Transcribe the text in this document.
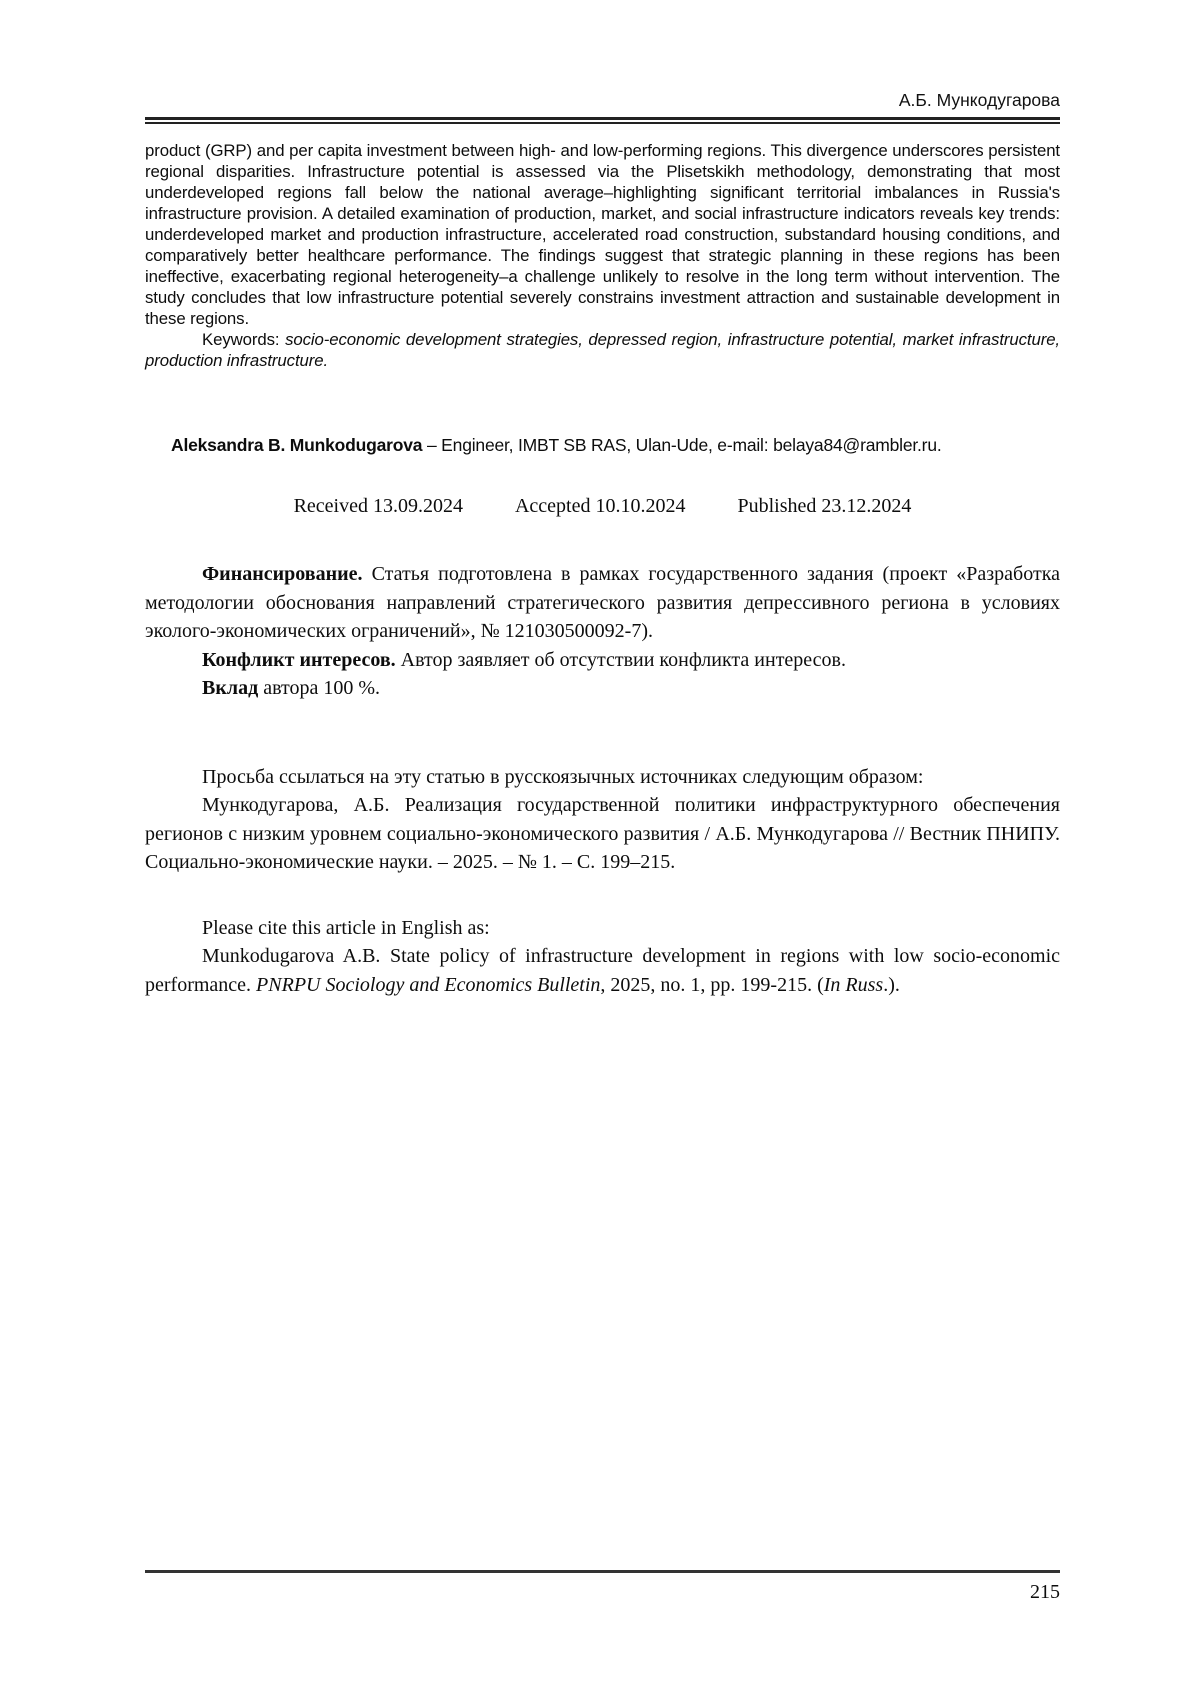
А.Б. Мункодугарова

product (GRP) and per capita investment between high- and low-performing regions. This divergence underscores persistent regional disparities. Infrastructure potential is assessed via the Plisetskikh methodology, demonstrating that most underdeveloped regions fall below the national average–highlighting significant territorial imbalances in Russia's infrastructure provision. A detailed examination of production, market, and social infrastructure indicators reveals key trends: underdeveloped market and production infrastructure, accelerated road construction, substandard housing conditions, and comparatively better healthcare performance. The findings suggest that strategic planning in these regions has been ineffective, exacerbating regional heterogeneity–a challenge unlikely to resolve in the long term without intervention. The study concludes that low infrastructure potential severely constrains investment attraction and sustainable development in these regions.

Keywords: socio-economic development strategies, depressed region, infrastructure potential, market infrastructure, production infrastructure.

Aleksandra B. Munkodugarova – Engineer, IMBT SB RAS, Ulan-Ude, e-mail: belaya84@rambler.ru.

Received 13.09.2024	Accepted 10.10.2024	Published 23.12.2024

Финансирование. Статья подготовлена в рамках государственного задания (проект «Разработка методологии обоснования направлений стратегического развития депрессивного региона в условиях эколого-экономических ограничений», № 121030500092-7).

Конфликт интересов. Автор заявляет об отсутствии конфликта интересов.

Вклад автора 100 %.

Просьба ссылаться на эту статью в русскоязычных источниках следующим образом:

Мункодугарова, А.Б. Реализация государственной политики инфраструктурного обеспечения регионов с низким уровнем социально-экономического развития / А.Б. Мункодугарова // Вестник ПНИПУ. Социально-экономические науки. – 2025. – № 1. – С. 199–215.

Please cite this article in English as:

Munkodugarova A.B. State policy of infrastructure development in regions with low socio-economic performance. PNRPU Sociology and Economics Bulletin, 2025, no. 1, pp. 199-215. (In Russ.).

215
